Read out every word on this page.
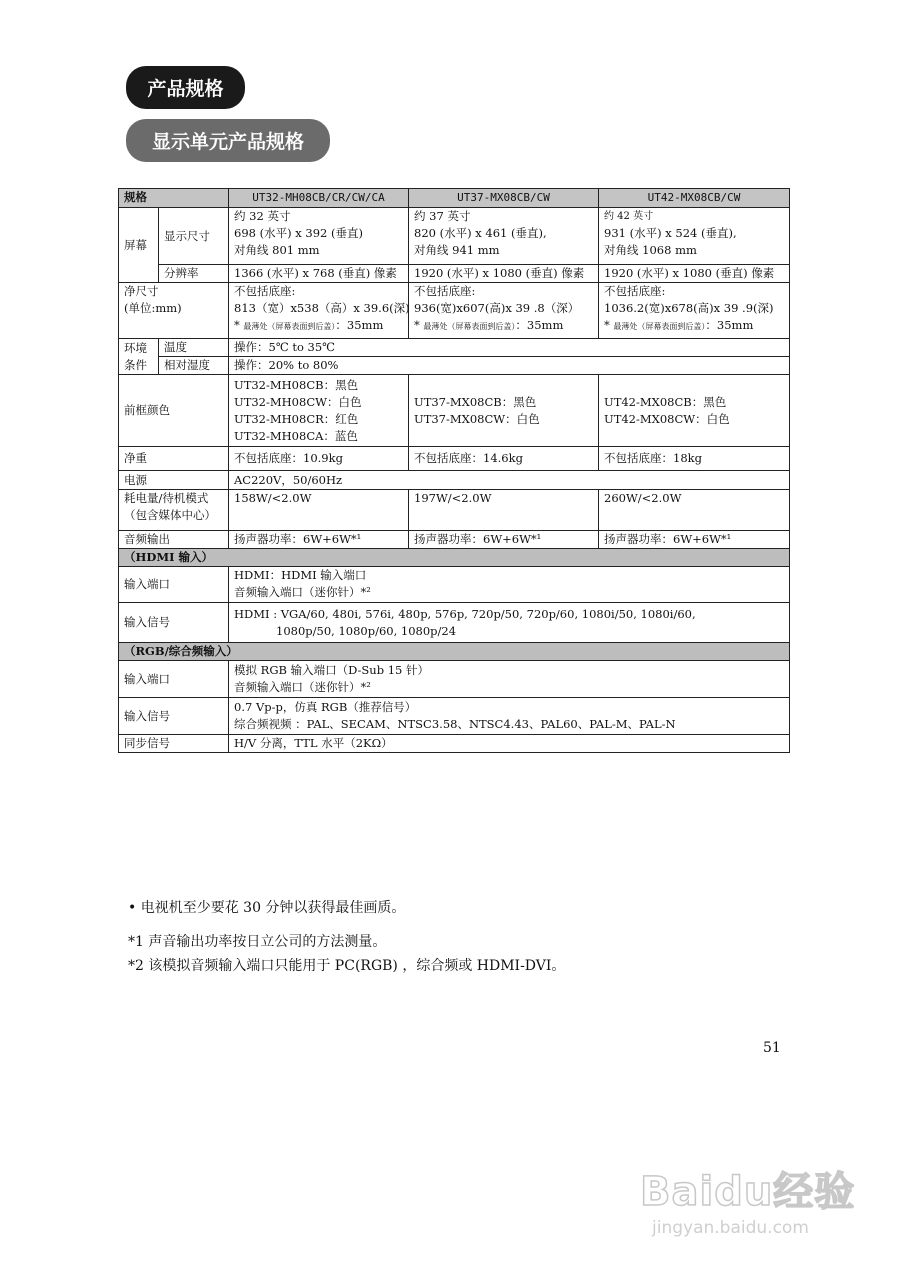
产品规格
显示单元产品规格
规格		UT32-MH08CB/CR/CW/CA	UT37-MX08CB/CW	UT42-MX08CB/CW
屏幕	显示尺寸	约 32 英寸
698 (水平) x 392 (垂直)
对角线 801 mm	约 37 英寸
820 (水平) x 461 (垂直),
对角线 941 mm	约 42 英寸
931 (水平) x 524 (垂直),
对角线 1068 mm

	分辨率	1366 (水平) x 768 (垂直) 像素	1920 (水平) x 1080 (垂直) 像素	1920 (水平) x 1080 (垂直) 像素

净尺寸
(单位:mm)		不包括底座:
813（宽）x538（高）x 39.6(深)
* 最薄处（屏幕表面到后盖）：35mm	不包括底座:
936(宽)x607(高)x 39 .8（深）
* 最薄处（屏幕表面到后盖）：35mm	不包括底座:
1036.2(宽)x678(高)x 39 .9(深)
* 最薄处（屏幕表面到后盖）：35mm

环境
条件	温度	操作：5℃ to 35℃		
	相对湿度	操作：20% to 80%		
前框颜色		UT32-MH08CB：黑色
UT32-MH08CW：白色
UT32-MH08CR：红色
UT32-MH08CA：蓝色	UT37-MX08CB：黑色
UT37-MX08CW：白色	UT42-MX08CB：黑色
UT42-MX08CW：白色

净重		不包括底座：10.9kg	不包括底座：14.6kg	不包括底座：18kg
电源		AC220V，50/60Hz		

耗电量/待机模式
（包含媒体中心）		158W/<2.0W	197W/<2.0W	260W/<2.0W
音频输出		扬声器功率：6W+6W*¹	扬声器功率：6W+6W*¹	扬声器功率：6W+6W*¹
（HDMI 输入）				
输入端口		HDMI：HDMI 输入端口
音频输入端口（迷你针）*²		

输入信号		HDMI : VGA/60, 480i, 576i, 480p, 576p, 720p/50, 720p/60, 1080i/50, 1080i/60,
1080p/50, 1080p/60, 1080p/24		

（RGB/综合频输入）				
输入端口		模拟 RGB 输入端口（D-Sub 15 针）
音频输入端口（迷你针）*²		

输入信号		0.7 Vp-p，仿真 RGB（推荐信号）
综合频视频 ：PAL、SECAM、NTSC3.58、NTSC4.43、PAL60、PAL-M、PAL-N		

同步信号		H/V 分离，TTL 水平（2KΩ）		
• 电视机至少要花 30 分钟以获得最佳画质。
*1 声音输出功率按日立公司的方法测量。
*2 该模拟音频输入端口只能用于 PC(RGB) ，综合频或 HDMI-DVI。
51
Baidu经验
jingyan.baidu.com
